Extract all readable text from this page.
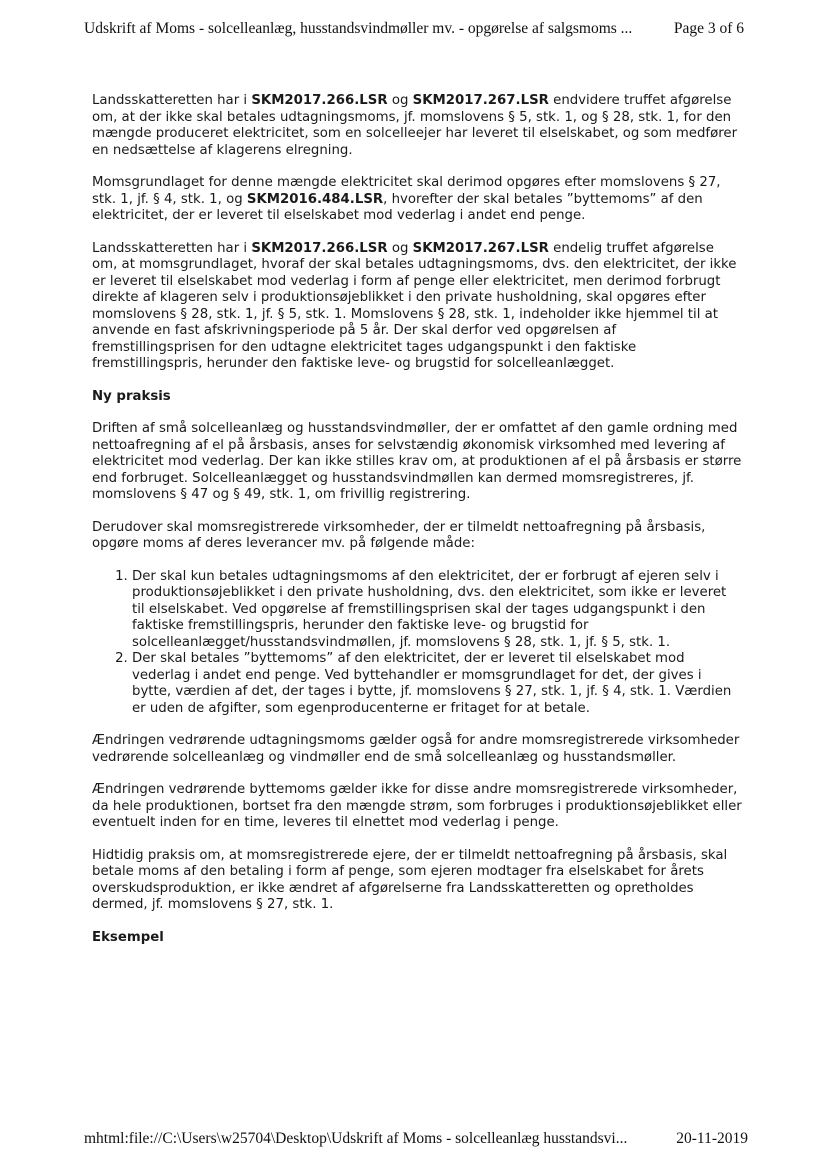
Udskrift af Moms - solcelleanlæg, husstandsvindmøller mv. - opgørelse af salgsmoms ...	Page 3 of 6

Landsskatteretten har i SKM2017.266.LSR og SKM2017.267.LSR endvidere truffet afgørelse om, at der ikke skal betales udtagningsmoms, jf. momslovens § 5, stk. 1, og § 28, stk. 1, for den mængde produceret elektricitet, som en solcelleejer har leveret til elselskabet, og som medfører en nedsættelse af klagerens elregning.

Momsgrundlaget for denne mængde elektricitet skal derimod opgøres efter momslovens § 27, stk. 1, jf. § 4, stk. 1, og SKM2016.484.LSR, hvorefter der skal betales ”byttemoms” af den elektricitet, der er leveret til elselskabet mod vederlag i andet end penge.

Landsskatteretten har i SKM2017.266.LSR og SKM2017.267.LSR endelig truffet afgørelse om, at momsgrundlaget, hvoraf der skal betales udtagningsmoms, dvs. den elektricitet, der ikke er leveret til elselskabet mod vederlag i form af penge eller elektricitet, men derimod forbrugt direkte af klageren selv i produktionsøjeblikket i den private husholdning, skal opgøres efter momslovens § 28, stk. 1, jf. § 5, stk. 1. Momslovens § 28, stk. 1, indeholder ikke hjemmel til at anvende en fast afskrivningsperiode på 5 år. Der skal derfor ved opgørelsen af fremstillingsprisen for den udtagne elektricitet tages udgangspunkt i den faktiske fremstillingspris, herunder den faktiske leve- og brugstid for solcelleanlægget.

Ny praksis

Driften af små solcelleanlæg og husstandsvindmøller, der er omfattet af den gamle ordning med nettoafregning af el på årsbasis, anses for selvstændig økonomisk virksomhed med levering af elektricitet mod vederlag. Der kan ikke stilles krav om, at produktionen af el på årsbasis er større end forbruget. Solcelleanlægget og husstandsvindmøllen kan dermed momsregistreres, jf. momslovens § 47 og § 49, stk. 1, om frivillig registrering.

Derudover skal momsregistrerede virksomheder, der er tilmeldt nettoafregning på årsbasis, opgøre moms af deres leverancer mv. på følgende måde:

1. Der skal kun betales udtagningsmoms af den elektricitet, der er forbrugt af ejeren selv i produktionsøjeblikket i den private husholdning, dvs. den elektricitet, som ikke er leveret til elselskabet. Ved opgørelse af fremstillingsprisen skal der tages udgangspunkt i den faktiske fremstillingspris, herunder den faktiske leve- og brugstid for solcelleanlægget/husstandsvindmøllen, jf. momslovens § 28, stk. 1, jf. § 5, stk. 1.
2. Der skal betales ”byttemoms” af den elektricitet, der er leveret til elselskabet mod vederlag i andet end penge. Ved byttehandler er momsgrundlaget for det, der gives i bytte, værdien af det, der tages i bytte, jf. momslovens § 27, stk. 1, jf. § 4, stk. 1. Værdien er uden de afgifter, som egenproducenterne er fritaget for at betale.

Ændringen vedrørende udtagningsmoms gælder også for andre momsregistrerede virksomheder vedrørende solcelleanlæg og vindmøller end de små solcelleanlæg og husstandsmøller.

Ændringen vedrørende byttemoms gælder ikke for disse andre momsregistrerede virksomheder, da hele produktionen, bortset fra den mængde strøm, som forbruges i produktionsøjeblikket eller eventuelt inden for en time, leveres til elnettet mod vederlag i penge.

Hidtidig praksis om, at momsregistrerede ejere, der er tilmeldt nettoafregning på årsbasis, skal betale moms af den betaling i form af penge, som ejeren modtager fra elselskabet for årets overskudsproduktion, er ikke ændret af afgørelserne fra Landsskatteretten og opretholdes dermed, jf. momslovens § 27, stk. 1.

Eksempel
mhtml:file://C:\Users\w25704\Desktop\Udskrift af Moms - solcelleanlæg husstandsvi...	20-11-2019
